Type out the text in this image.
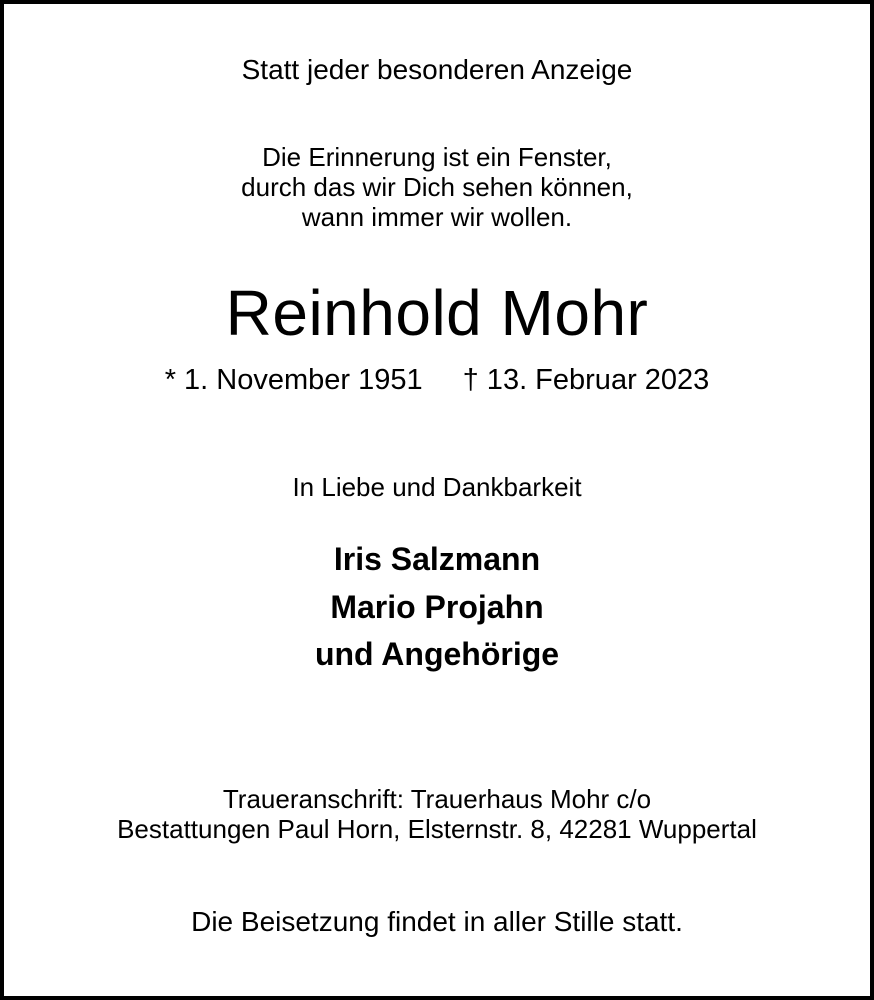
Statt jeder besonderen Anzeige
Die Erinnerung ist ein Fenster,
durch das wir Dich sehen können,
wann immer wir wollen.
Reinhold Mohr
* 1. November 1951 † 13. Februar 2023
In Liebe und Dankbarkeit
Iris Salzmann
Mario Projahn
und Angehörige
Traueranschrift: Trauerhaus Mohr c/o
Bestattungen Paul Horn, Elsternstr. 8, 42281 Wuppertal
Die Beisetzung findet in aller Stille statt.
